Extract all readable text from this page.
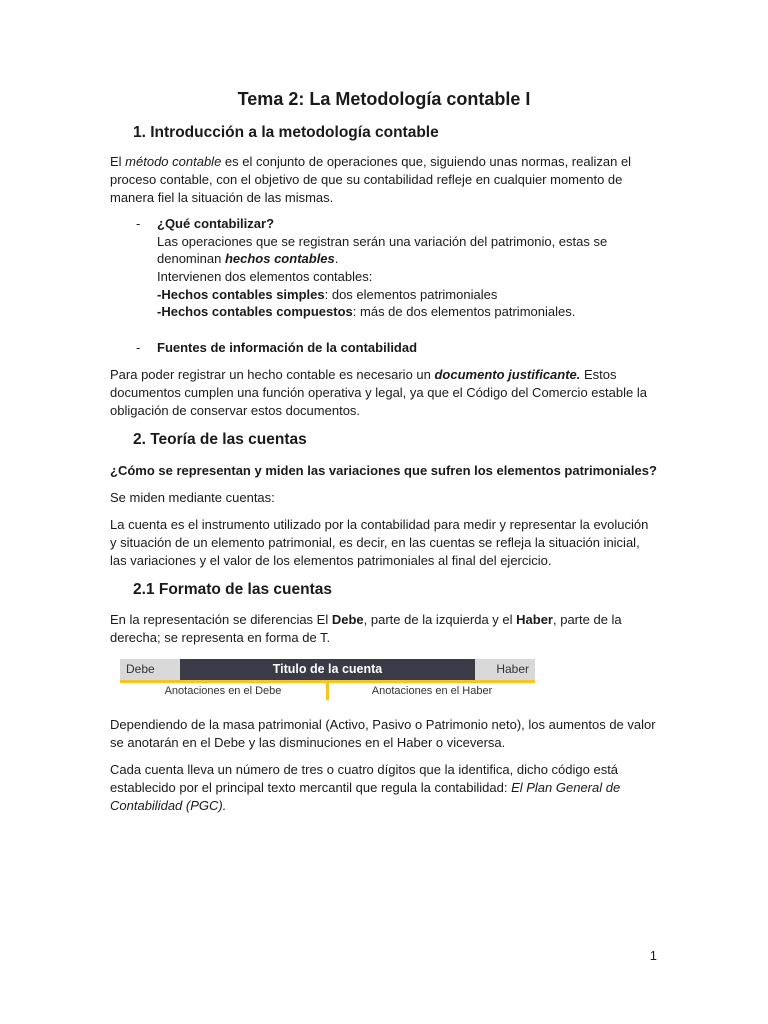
Tema 2: La Metodología contable I
1. Introducción a la metodología contable
El método contable es el conjunto de operaciones que, siguiendo unas normas, realizan el
proceso contable, con el objetivo de que su contabilidad refleje en cualquier momento de
manera fiel la situación de las mismas.
- ¿Qué contabilizar?
Las operaciones que se registran serán una variación del patrimonio, estas se
denominan hechos contables.
Intervienen dos elementos contables:
-Hechos contables simples: dos elementos patrimoniales
-Hechos contables compuestos: más de dos elementos patrimoniales.
- Fuentes de información de la contabilidad
Para poder registrar un hecho contable es necesario un documento justificante. Estos
documentos cumplen una función operativa y legal, ya que el Código del Comercio estable la
obligación de conservar estos documentos.
2. Teoría de las cuentas
¿Cómo se representan y miden las variaciones que sufren los elementos patrimoniales?
Se miden mediante cuentas:
La cuenta es el instrumento utilizado por la contabilidad para medir y representar la evolución
y situación de un elemento patrimonial, es decir, en las cuentas se refleja la situación inicial,
las variaciones y el valor de los elementos patrimoniales al final del ejercicio.
2.1 Formato de las cuentas
En la representación se diferencias El Debe, parte de la izquierda y el Haber, parte de la
derecha; se representa en forma de T.
Debe	Titulo de la cuenta	Haber
Anotaciones en el Debe	Anotaciones en el Haber
Dependiendo de la masa patrimonial (Activo, Pasivo o Patrimonio neto), los aumentos de valor
se anotarán en el Debe y las disminuciones en el Haber o viceversa.
Cada cuenta lleva un número de tres o cuatro dígitos que la identifica, dicho código está
establecido por el principal texto mercantil que regula la contabilidad: El Plan General de
Contabilidad (PGC).
1
